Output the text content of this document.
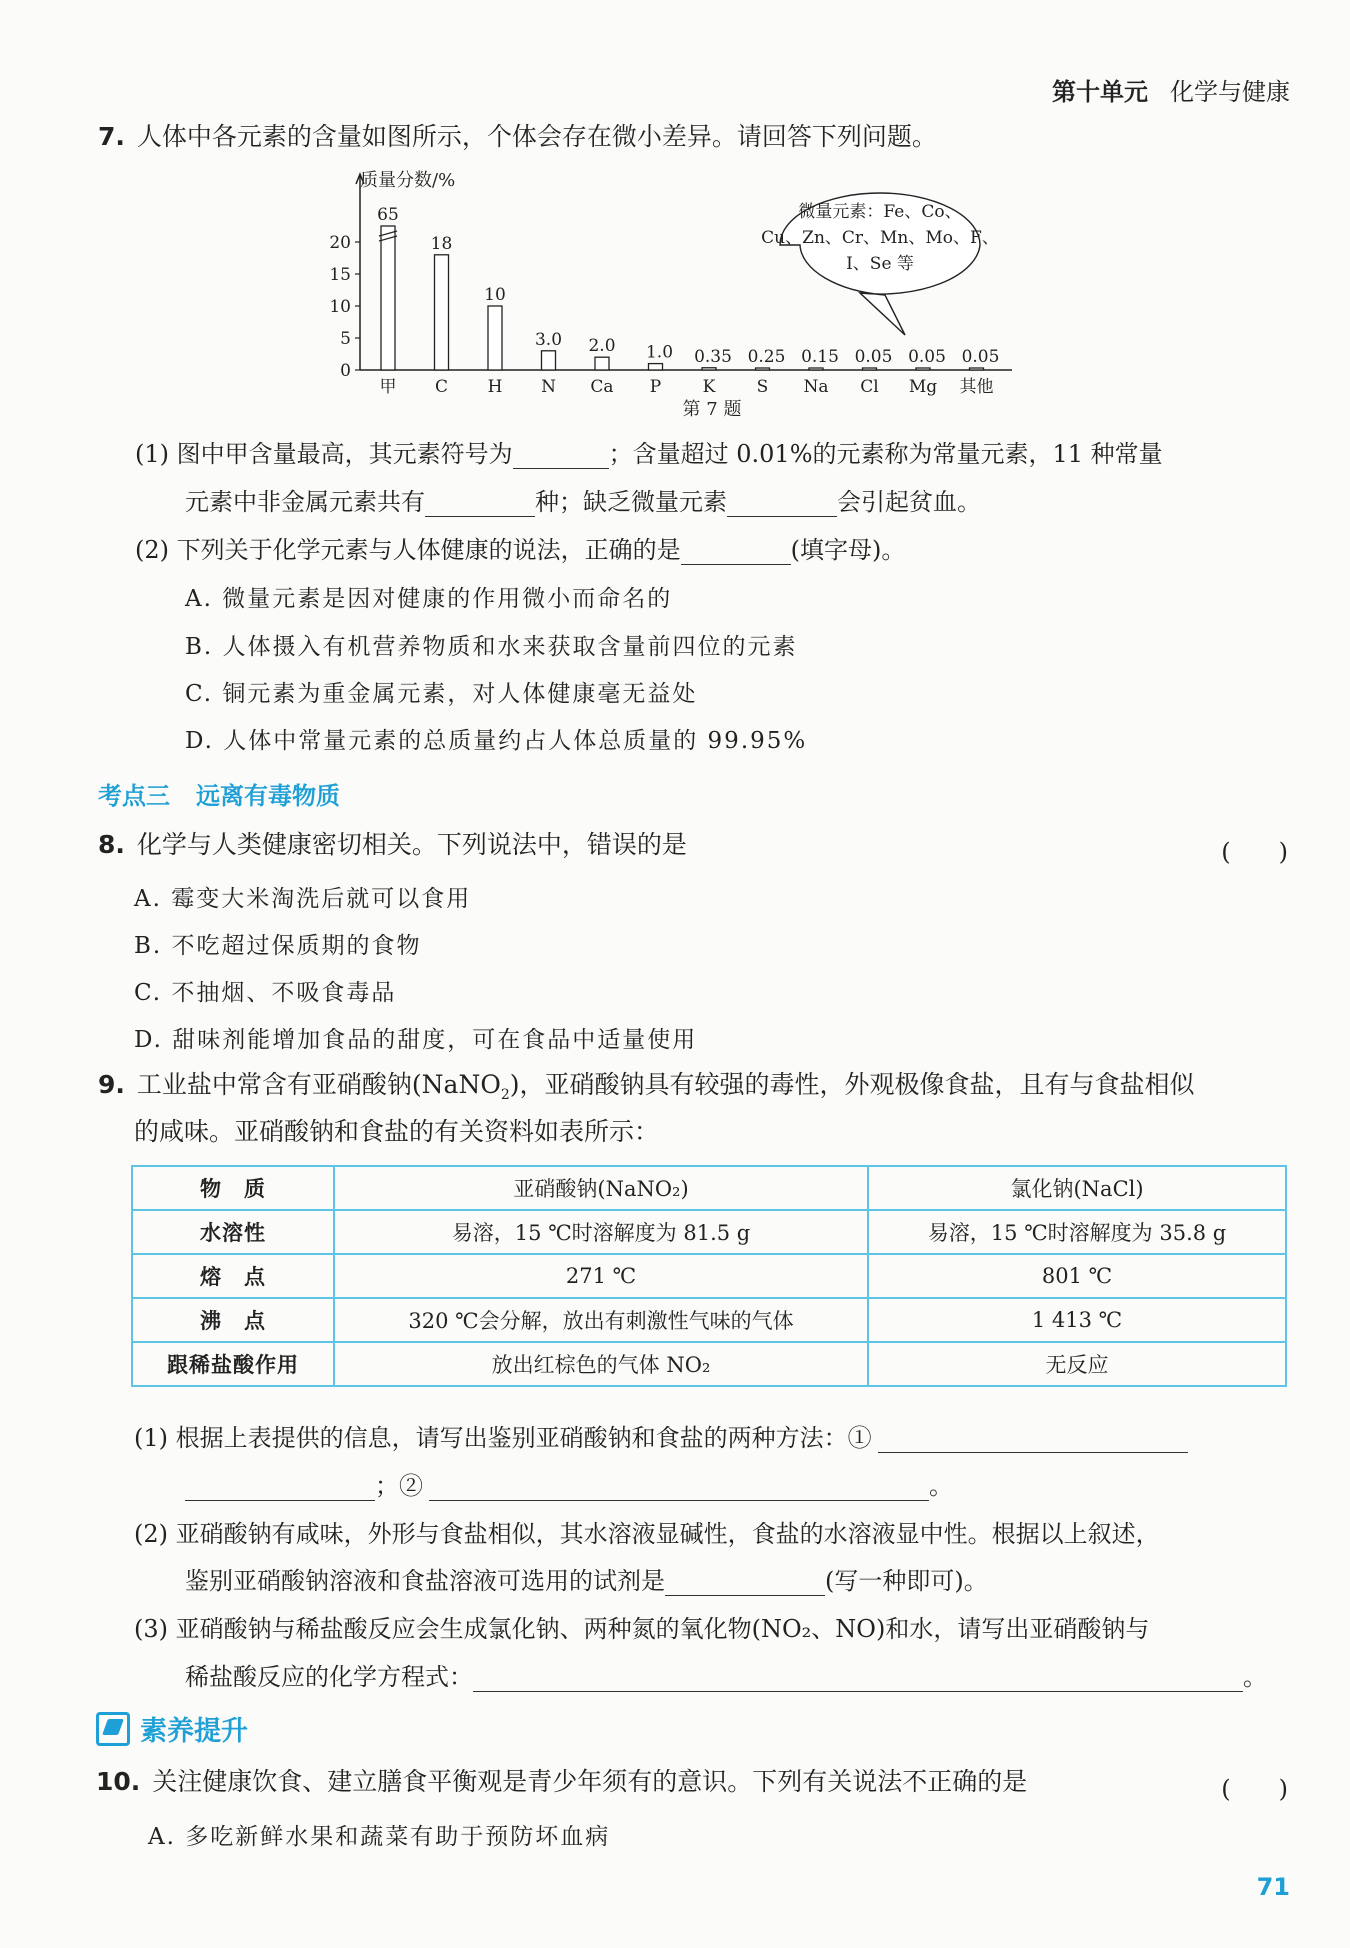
第十单元 化学与健康
7. 人体中各元素的含量如图所示，个体会存在微小差异。请回答下列问题。
质量分数/%
0
5
10
15
20
65
甲
18
C
10
H
3.0
N
2.0
Ca
1.0
P
0.35
K
0.25
S
0.15
Na
0.05
Cl
0.05
Mg
0.05
其他
微量元素：Fe、Co、
Cu、Zn、Cr、Mn、Mo、F、
I、Se 等
第 7 题
(1) 图中甲含量最高，其元素符号为	；含量超过 0.01%的元素称为常量元素，11 种常量
元素中非金属元素共有	种；缺乏微量元素	会引起贫血。
(2) 下列关于化学元素与人体健康的说法，正确的是	(填字母)。
A. 微量元素是因对健康的作用微小而命名的
B. 人体摄入有机营养物质和水来获取含量前四位的元素
C. 铜元素为重金属元素，对人体健康毫无益处
D. 人体中常量元素的总质量约占人体总质量的 99.95%
考点三 远离有毒物质
8. 化学与人类健康密切相关。下列说法中，错误的是	(　　)
A. 霉变大米淘洗后就可以食用
B. 不吃超过保质期的食物
C. 不抽烟、不吸食毒品
D. 甜味剂能增加食品的甜度，可在食品中适量使用
9. 工业盐中常含有亚硝酸钠(NaNO$_2$)，亚硝酸钠具有较强的毒性，外观极像食盐，且有与食盐相似
的咸味。亚硝酸钠和食盐的有关资料如表所示：
物　质	亚硝酸钠(NaNO₂)	氯化钠(NaCl)
水溶性	易溶，15 ℃时溶解度为 81.5 g	易溶，15 ℃时溶解度为 35.8 g
熔　点	271 ℃	801 ℃
沸　点	320 ℃会分解，放出有刺激性气味的气体	1 413 ℃
跟稀盐酸作用	放出红棕色的气体 NO₂	无反应
(1) 根据上表提供的信息，请写出鉴别亚硝酸钠和食盐的两种方法：①
；②	。
(2) 亚硝酸钠有咸味，外形与食盐相似，其水溶液显碱性，食盐的水溶液显中性。根据以上叙述，
鉴别亚硝酸钠溶液和食盐溶液可选用的试剂是	(写一种即可)。
(3) 亚硝酸钠与稀盐酸反应会生成氯化钠、两种氮的氧化物(NO₂、NO)和水，请写出亚硝酸钠与
稀盐酸反应的化学方程式：	。
素养提升
10. 关注健康饮食、建立膳食平衡观是青少年须有的意识。下列有关说法不正确的是	(　　)
A. 多吃新鲜水果和蔬菜有助于预防坏血病
71
